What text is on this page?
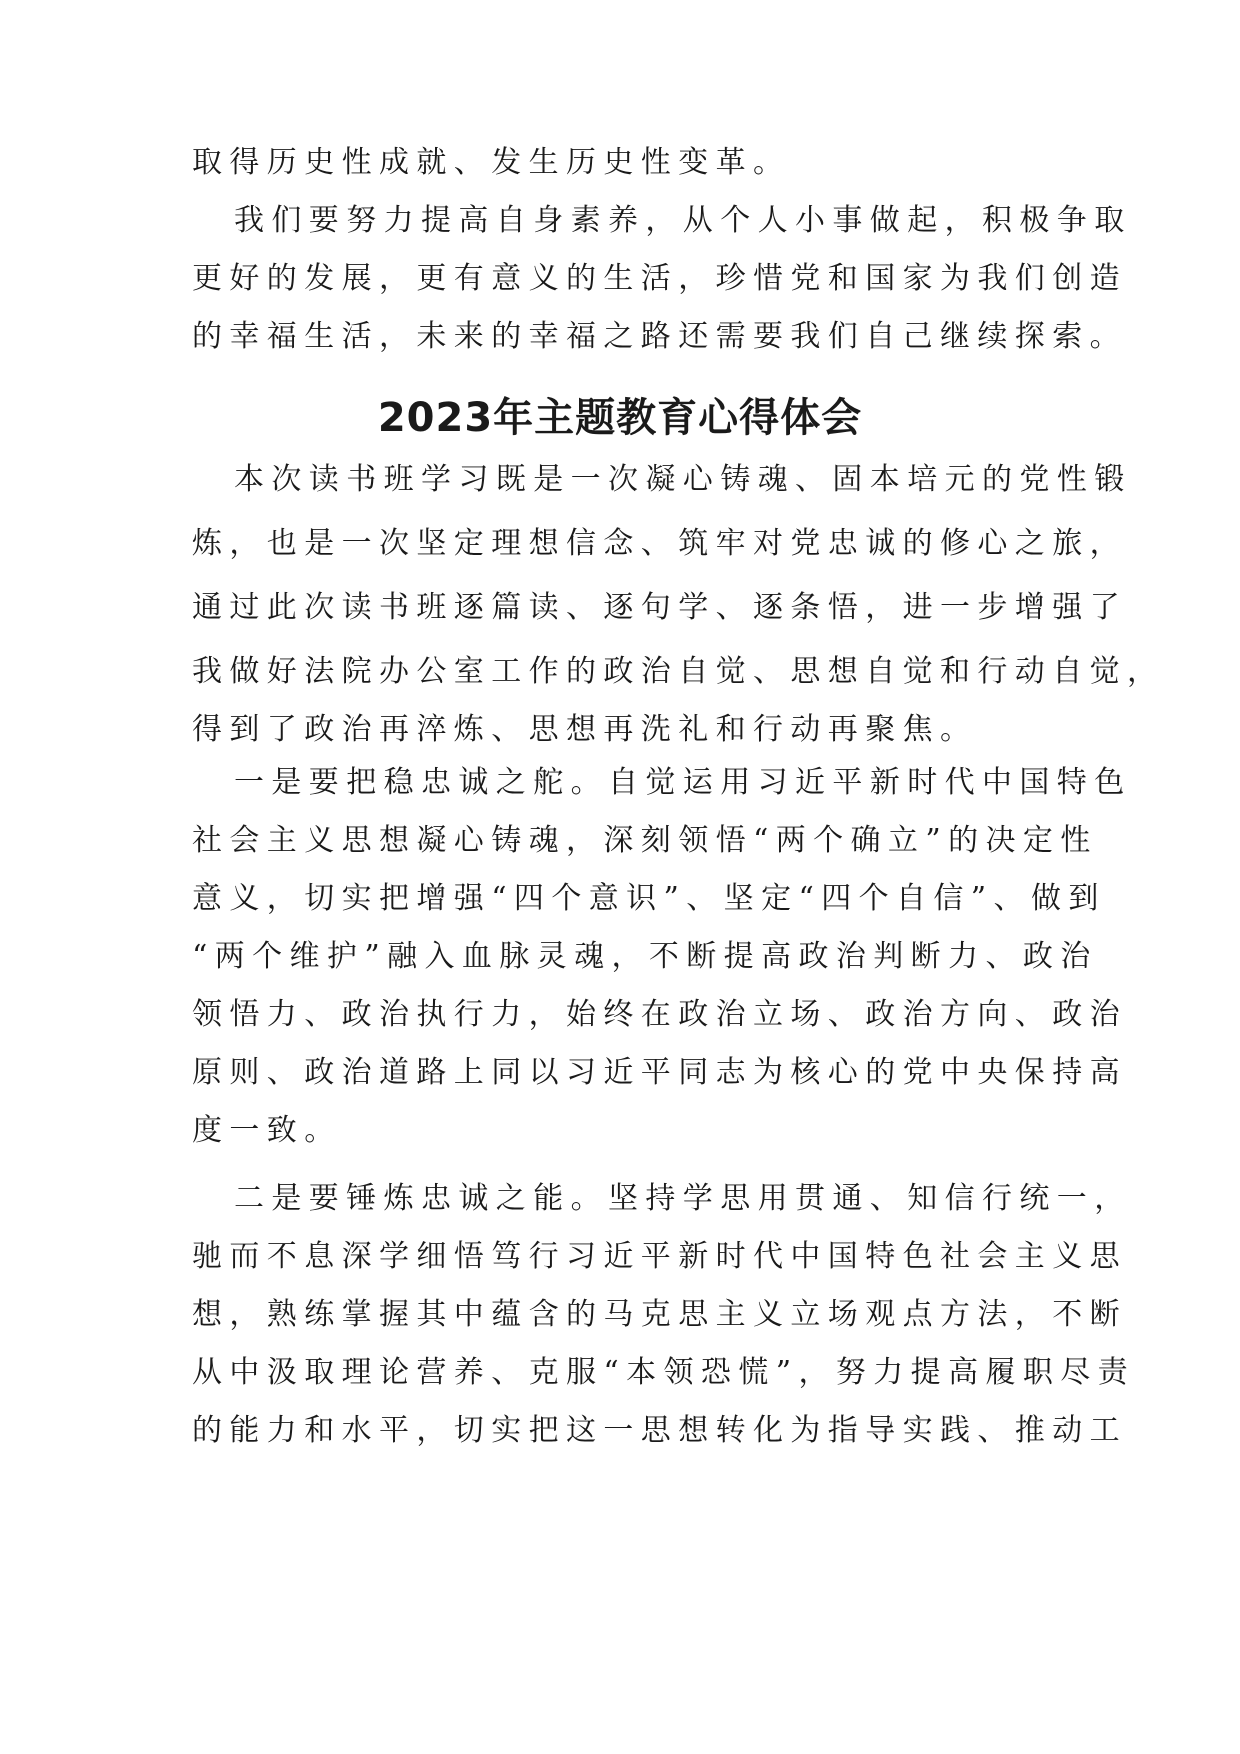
取得历史性成就、发生历史性变革。
我们要努力提高自身素养，从个人小事做起，积极争取
更好的发展，更有意义的生活，珍惜党和国家为我们创造
的幸福生活，未来的幸福之路还需要我们自己继续探索。
2023年主题教育心得体会
本次读书班学习既是一次凝心铸魂、固本培元的党性锻
炼，也是一次坚定理想信念、筑牢对党忠诚的修心之旅，
通过此次读书班逐篇读、逐句学、逐条悟，进一步增强了
我做好法院办公室工作的政治自觉、思想自觉和行动自觉，
得到了政治再淬炼、思想再洗礼和行动再聚焦。
一是要把稳忠诚之舵。自觉运用习近平新时代中国特色
社会主义思想凝心铸魂，深刻领悟“两个确立”的决定性
意义，切实把增强“四个意识”、坚定“四个自信”、做到
“两个维护”融入血脉灵魂，不断提高政治判断力、政治
领悟力、政治执行力，始终在政治立场、政治方向、政治
原则、政治道路上同以习近平同志为核心的党中央保持高
度一致。
二是要锤炼忠诚之能。坚持学思用贯通、知信行统一，
驰而不息深学细悟笃行习近平新时代中国特色社会主义思
想，熟练掌握其中蕴含的马克思主义立场观点方法，不断
从中汲取理论营养、克服“本领恐慌”，努力提高履职尽责
的能力和水平，切实把这一思想转化为指导实践、推动工
